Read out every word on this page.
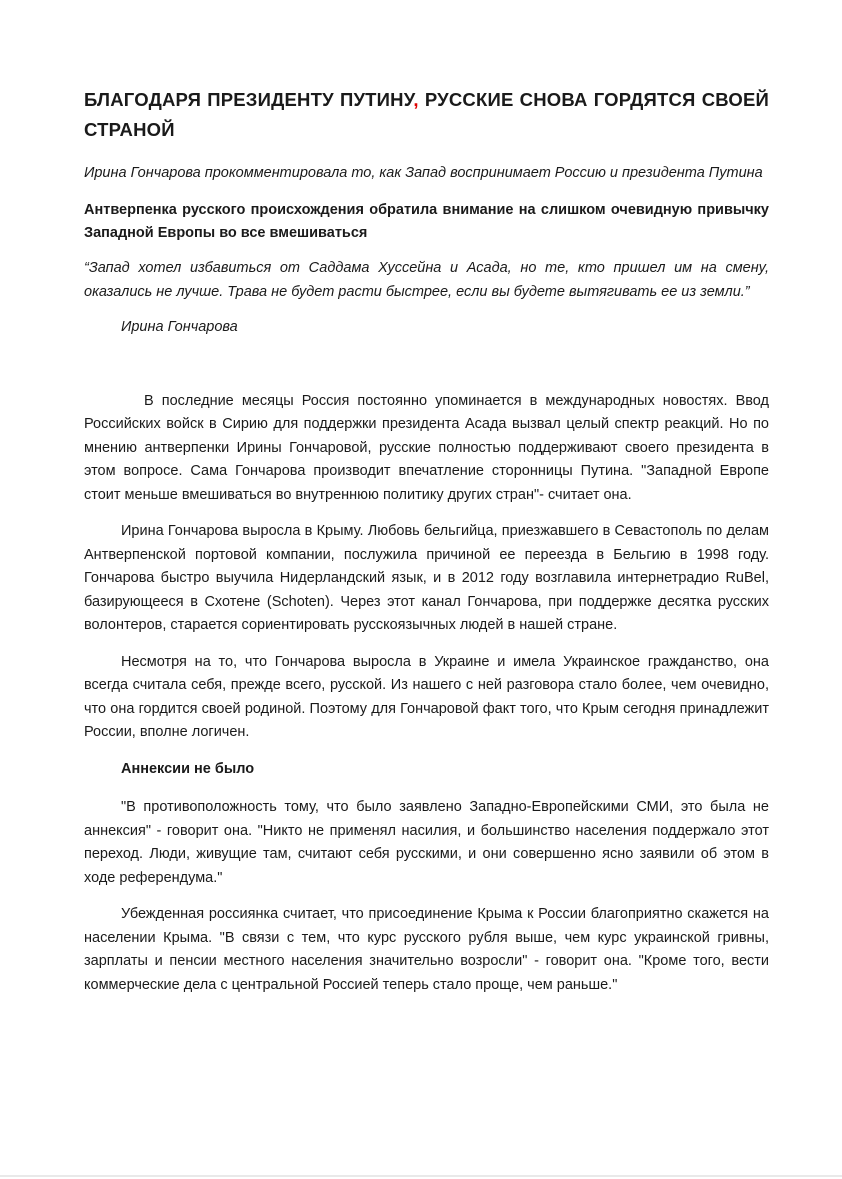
БЛАГОДАРЯ ПРЕЗИДЕНТУ ПУТИНУ, РУССКИЕ СНОВА ГОРДЯТСЯ СВОЕЙ СТРАНОЙ

Ирина Гончарова прокомментировала то, как Запад воспринимает Россию и президента Путина

Антверпенка русского происхождения обратила внимание на слишком очевидную привычку Западной Европы во все вмешиваться

“Запад хотел избавиться от Саддама Хуссейна и Асада, но те, кто пришел им на смену, оказались не лучше. Трава не будет расти быстрее, если вы будете вытягивать ее из земли.”

Ирина Гончарова

В последние месяцы Россия постоянно упоминается в международных новостях. Ввод Российских войск в Сирию для поддержки президента Асада вызвал целый спектр реакций. Но по мнению антверпенки Ирины Гончаровой, русские полностью поддерживают своего президента в этом вопросе. Сама Гончарова производит впечатление сторонницы Путина. "Западной Европе стоит меньше вмешиваться во внутреннюю политику других стран"- считает она.

Ирина Гончарова выросла в Крыму. Любовь бельгийца, приезжавшего в Севастополь по делам Антверпенской портовой компании, послужила причиной ее переезда в Бельгию в 1998 году. Гончарова быстро выучила Нидерландский язык, и в 2012 году возглавила интернетрадио RuBel, базирующееся в Схотене (Schoten). Через этот канал Гончарова, при поддержке десятка русских волонтеров, старается сориентировать русскоязычных людей в нашей стране.

Несмотря на то, что Гончарова выросла в Украине и имела Украинское гражданство, она всегда считала себя, прежде всего, русской. Из нашего с ней разговора стало более, чем очевидно, что она гордится своей родиной. Поэтому для Гончаровой факт того, что Крым сегодня принадлежит России, вполне логичен.

Аннексии не было

"В противоположность тому, что было заявлено Западно-Европейскими СМИ, это была не аннексия" - говорит она. "Никто не применял насилия, и большинство населения поддержало этот переход. Люди, живущие там, считают себя русскими, и они совершенно ясно заявили об этом в ходе референдума."

Убежденная россиянка считает, что присоединение Крыма к России благоприятно скажется на населении Крыма. "В связи с тем, что курс русского рубля выше, чем курс украинской гривны, зарплаты и пенсии местного населения значительно возросли" - говорит она. "Кроме того, вести коммерческие дела с центральной Россией теперь стало проще, чем раньше."
